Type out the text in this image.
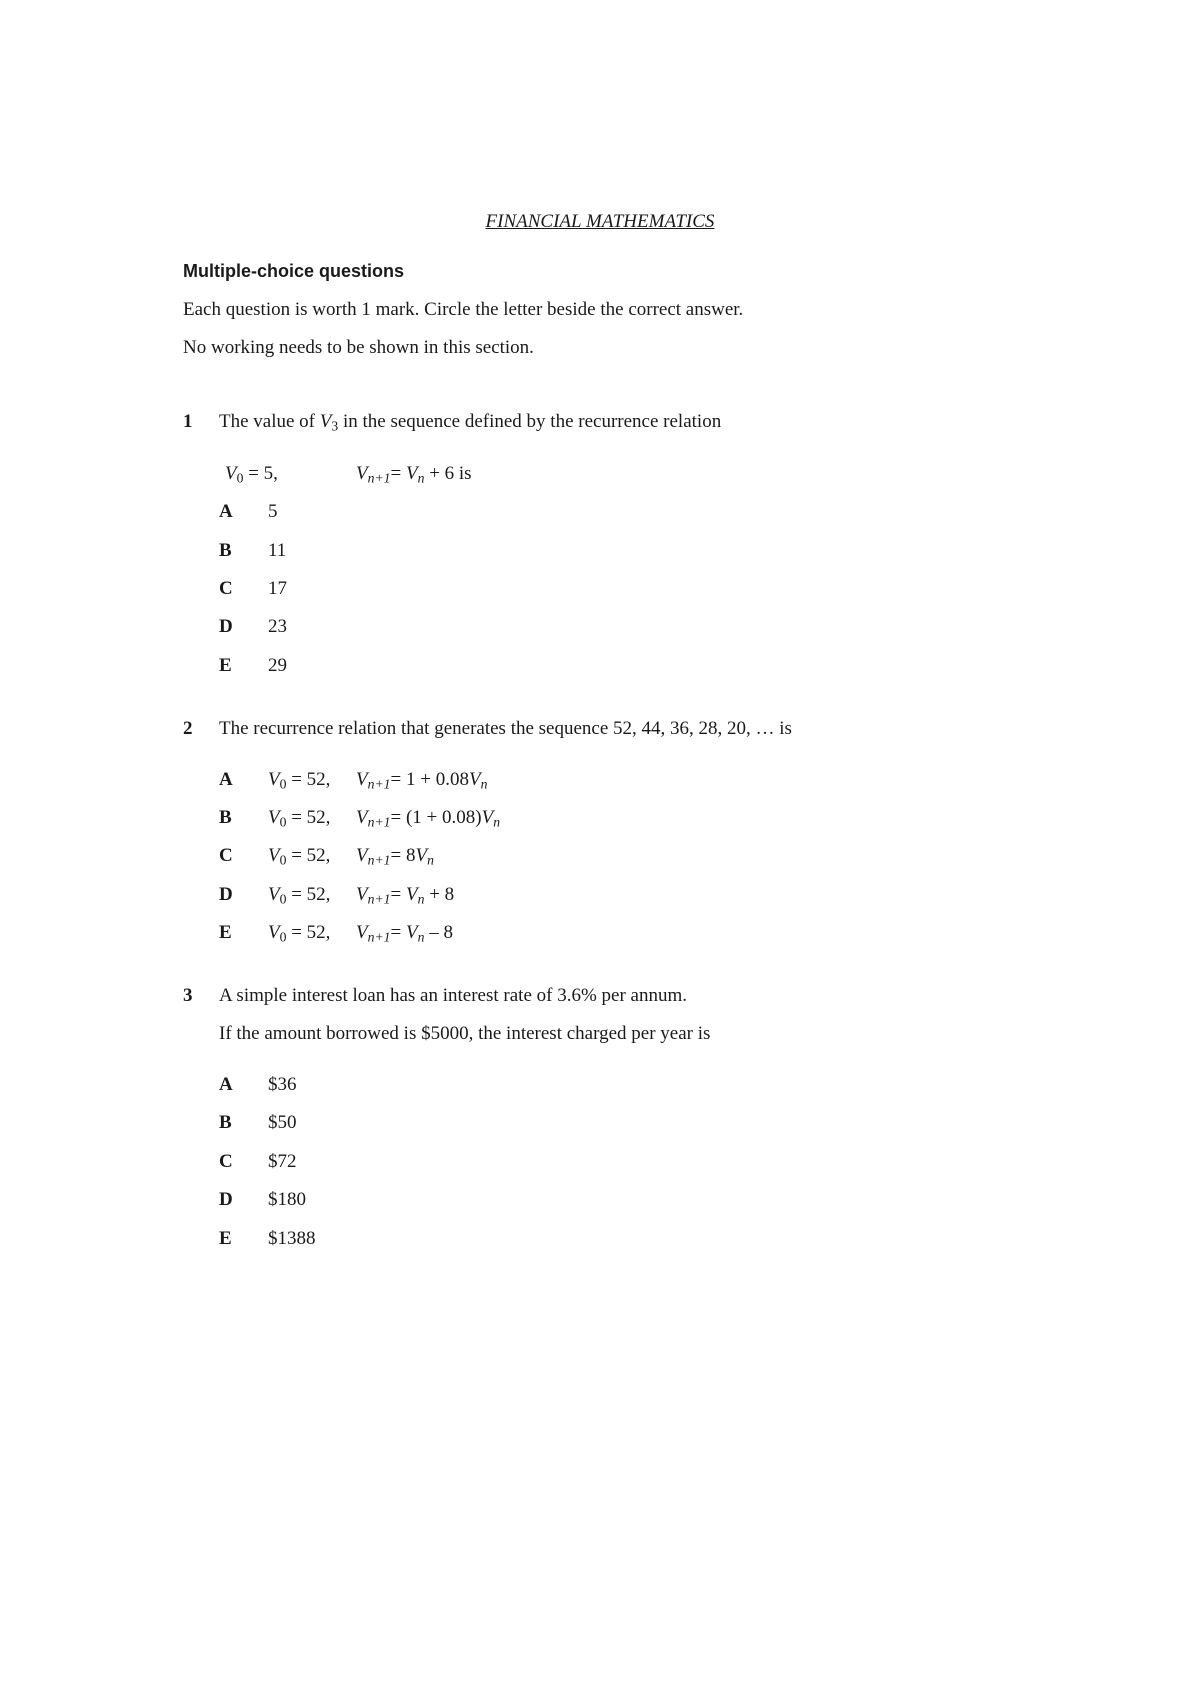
FINANCIAL MATHEMATICS
Multiple-choice questions
Each question is worth 1 mark. Circle the letter beside the correct answer.
No working needs to be shown in this section.
1 The value of $V_3$ in the sequence defined by the recurrence relation
$V_0 = 5$,	$V_{n+1}= V_n + 6$ is
A 5
B 11
C 17
D 23
E 29
2 The recurrence relation that generates the sequence 52, 44, 36, 28, 20, … is
A $V_0 = 52$, $V_{n+1}= 1 + 0.08V_n$
B $V_0 = 52$, $V_{n+1}= (1 + 0.08)V_n$
C $V_0 = 52$, $V_{n+1}= 8V_n$
D $V_0 = 52$, $V_{n+1}= V_n + 8$
E $V_0 = 52$, $V_{n+1}= V_n - 8$
3 A simple interest loan has an interest rate of 3.6% per annum.
If the amount borrowed is $5000, the interest charged per year is
A $36
B $50
C $72
D $180
E $1388
